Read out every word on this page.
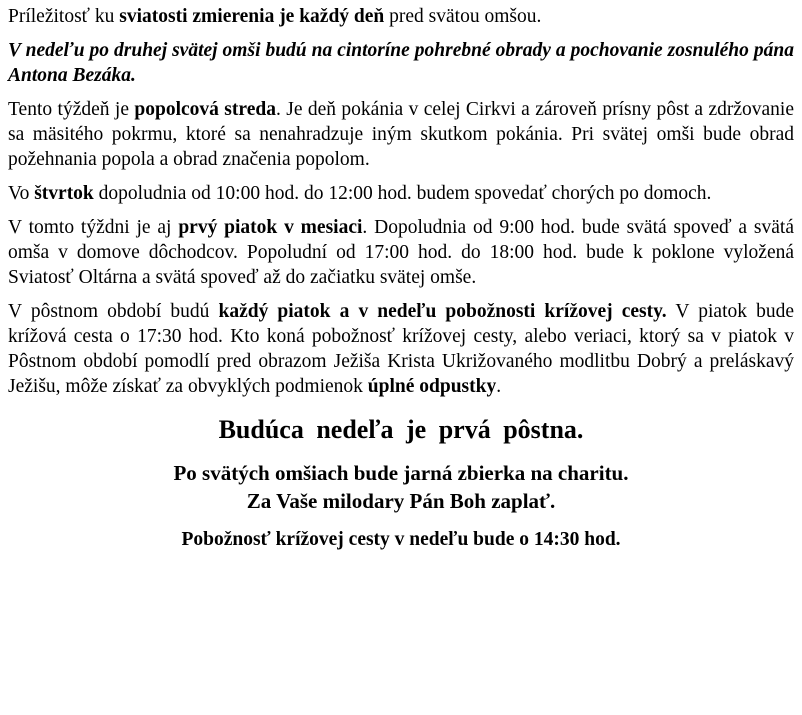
Príležitosť ku sviatosti zmierenia je každý deň pred svätou omšou.

V nedeľu po druhej svätej omši budú na cintoríne pohrebné obrady a pochovanie zosnulého pána Antona Bezáka.

Tento týždeň je popolcová streda. Je deň pokánia v celej Cirkvi a zároveň prísny pôst a zdržovanie sa mäsitého pokrmu, ktoré sa nenahradzuje iným skutkom pokánia. Pri svätej omši bude obrad požehnania popola a obrad značenia popolom.

Vo štvrtok dopoludnia od 10:00 hod. do 12:00 hod. budem spovedať chorých po domoch.

V tomto týždni je aj prvý piatok v mesiaci. Dopoludnia od 9:00 hod. bude svätá spoveď a svätá omša v domove dôchodcov. Popoludní od 17:00 hod. do 18:00 hod. bude k poklone vyložená Sviatosť Oltárna a svätá spoveď až do začiatku svätej omše.

V pôstnom období budú každý piatok a v nedeľu pobožnosti krížovej cesty. V piatok bude krížová cesta o 17:30 hod. Kto koná pobožnosť krížovej cesty, alebo veriaci, ktorý sa v piatok v Pôstnom období pomodlí pred obrazom Ježiša Krista Ukrižovaného modlitbu Dobrý a preláskavý Ježišu, môže získať za obvyklých podmienok úplné odpustky.

Budúca nedeľa je prvá pôstna.
Po svätých omšiach bude jarná zbierka na charitu.
Za Vaše milodary Pán Boh zaplať.
Pobožnosť krížovej cesty v nedeľu bude o 14:30 hod.
